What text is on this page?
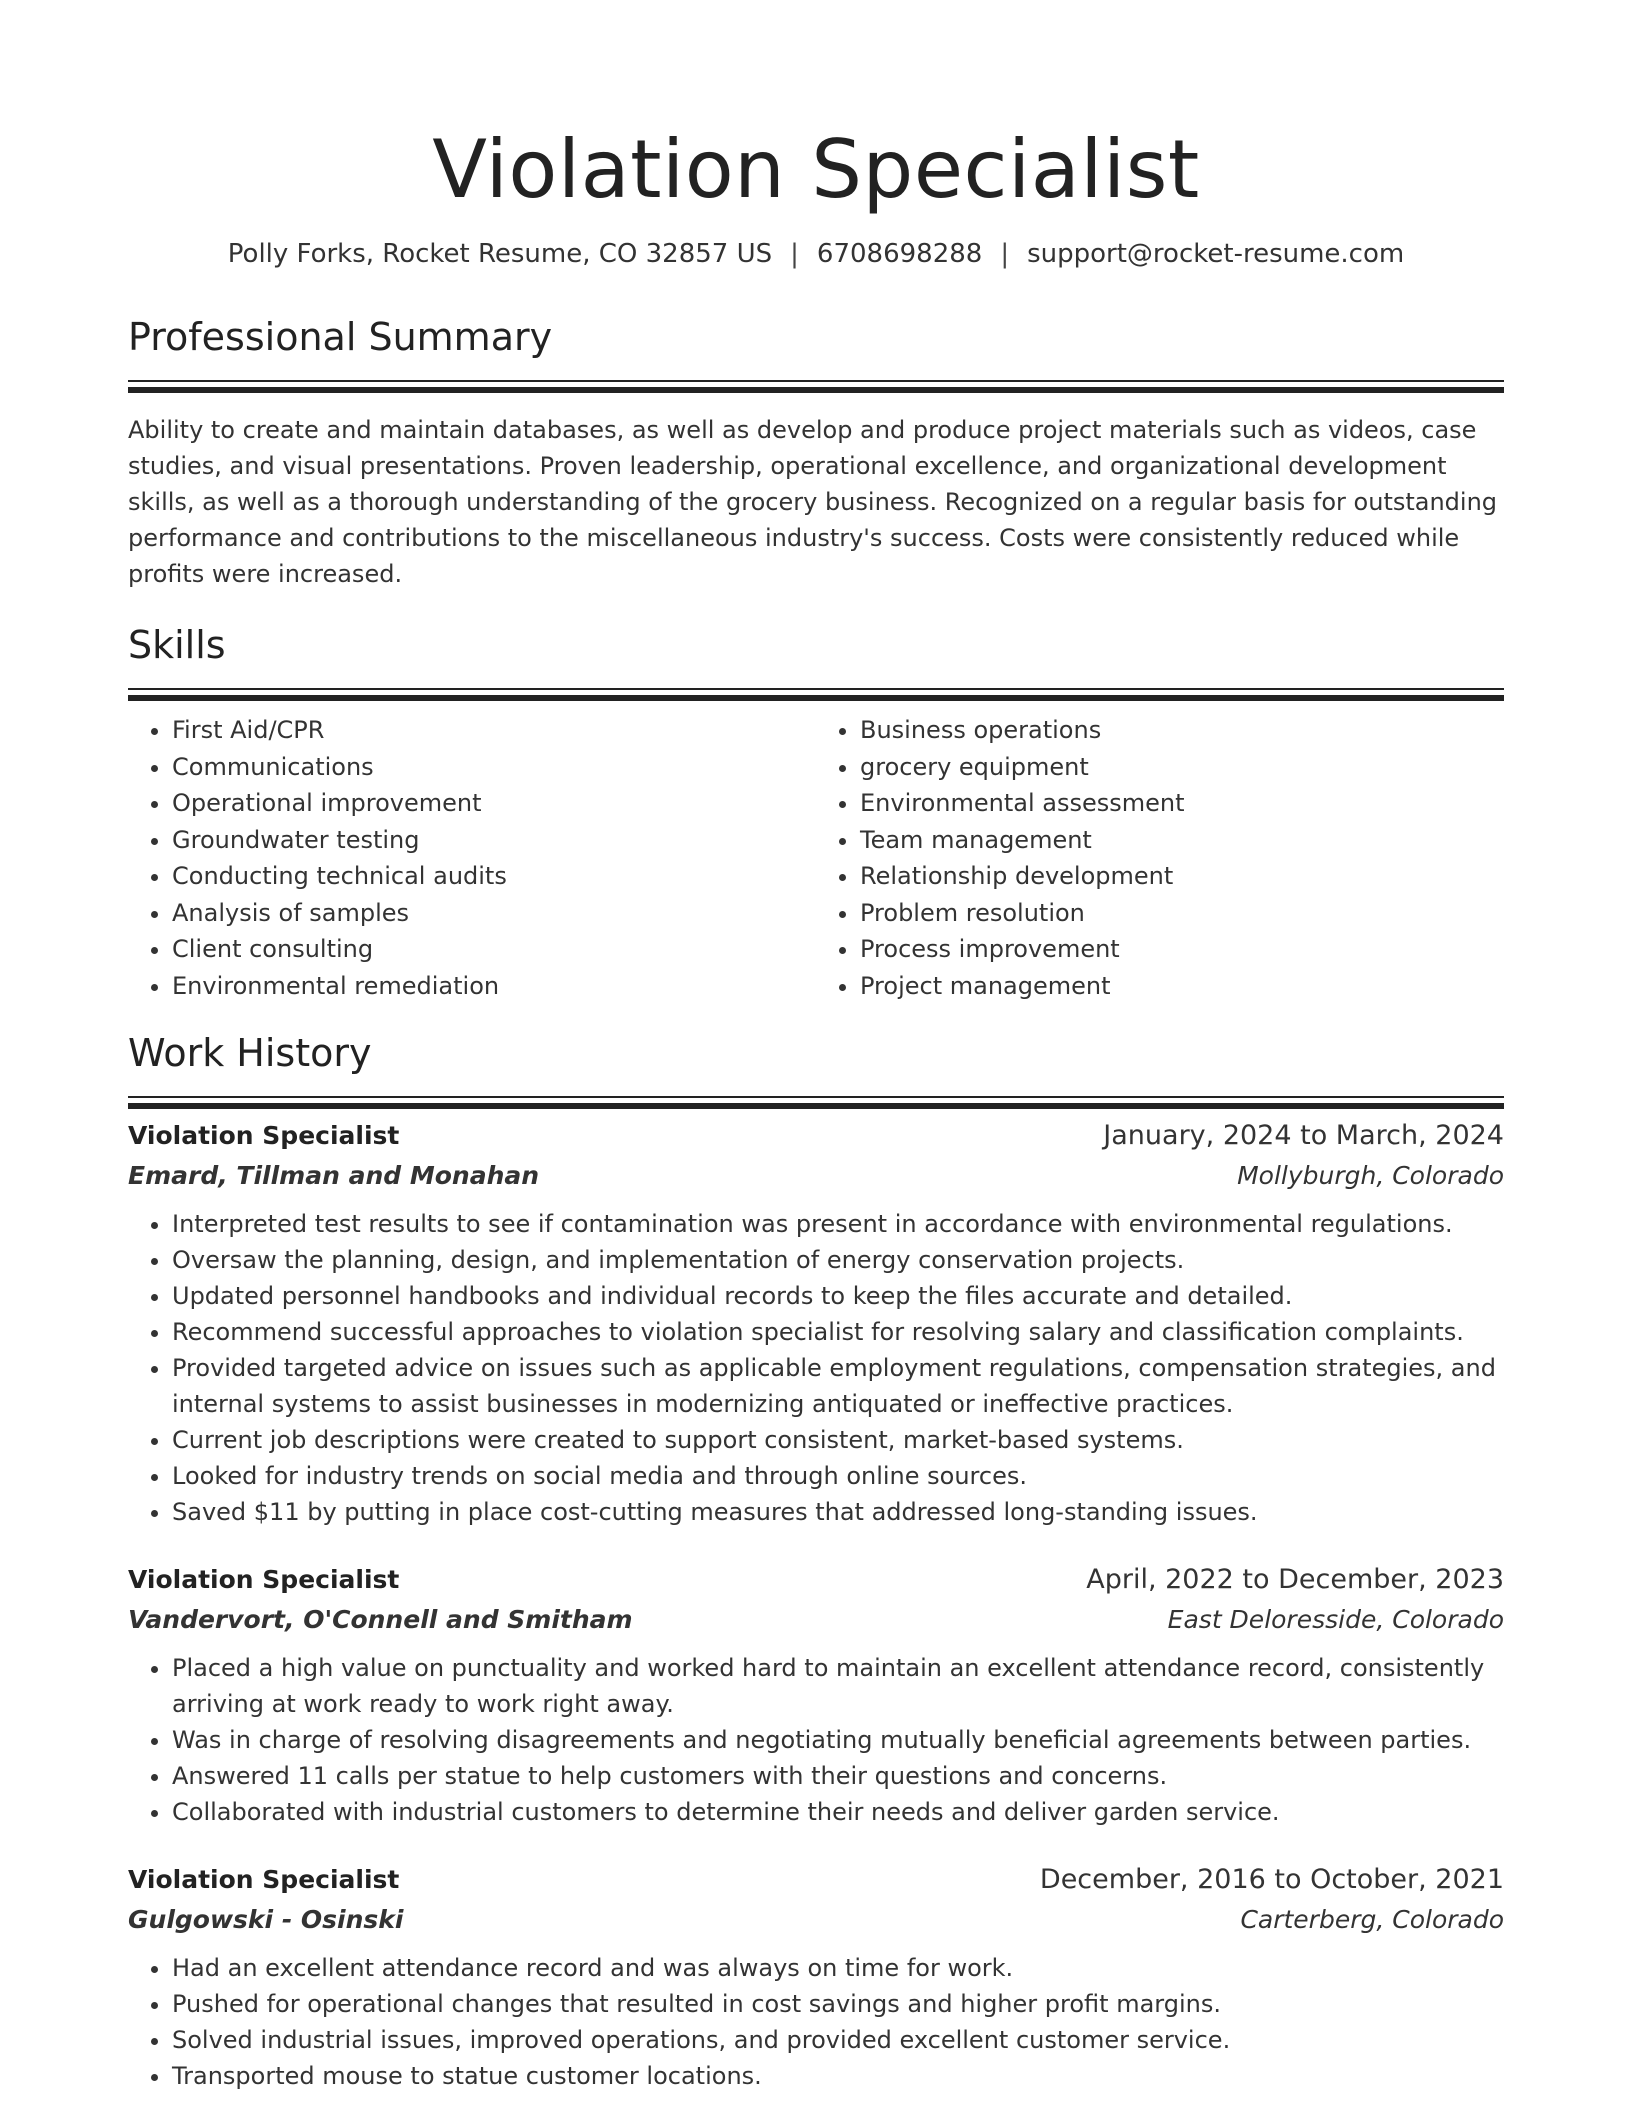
Violation Specialist
Polly Forks, Rocket Resume, CO 32857 US | 6708698288 | support@rocket-resume.com
Professional Summary

Ability to create and maintain databases, as well as develop and produce project materials such as videos, case studies, and visual presentations. Proven leadership, operational excellence, and organizational development skills, as well as a thorough understanding of the grocery business. Recognized on a regular basis for outstanding performance and contributions to the miscellaneous industry's success. Costs were consistently reduced while profits were increased.

Skills
• First Aid/CPR
• Communications
• Operational improvement
• Groundwater testing
• Conducting technical audits
• Analysis of samples
• Client consulting
• Environmental remediation
• Business operations
• grocery equipment
• Environmental assessment
• Team management
• Relationship development
• Problem resolution
• Process improvement
• Project management
Work History
Violation Specialist	January, 2024 to March, 2024
Emard, Tillman and Monahan	Mollyburgh, Colorado
• Interpreted test results to see if contamination was present in accordance with environmental regulations.
• Oversaw the planning, design, and implementation of energy conservation projects.
• Updated personnel handbooks and individual records to keep the files accurate and detailed.
• Recommend successful approaches to violation specialist for resolving salary and classification complaints.
• Provided targeted advice on issues such as applicable employment regulations, compensation strategies, and internal systems to assist businesses in modernizing antiquated or ineffective practices.
• Current job descriptions were created to support consistent, market-based systems.
• Looked for industry trends on social media and through online sources.
• Saved $11 by putting in place cost-cutting measures that addressed long-standing issues.
Violation Specialist	April, 2022 to December, 2023
Vandervort, O'Connell and Smitham	East Deloresside, Colorado
• Placed a high value on punctuality and worked hard to maintain an excellent attendance record, consistently arriving at work ready to work right away.
• Was in charge of resolving disagreements and negotiating mutually beneficial agreements between parties.
• Answered 11 calls per statue to help customers with their questions and concerns.
• Collaborated with industrial customers to determine their needs and deliver garden service.
Violation Specialist	December, 2016 to October, 2021
Gulgowski - Osinski	Carterberg, Colorado
• Had an excellent attendance record and was always on time for work.
• Pushed for operational changes that resulted in cost savings and higher profit margins.
• Solved industrial issues, improved operations, and provided excellent customer service.
• Transported mouse to statue customer locations.
